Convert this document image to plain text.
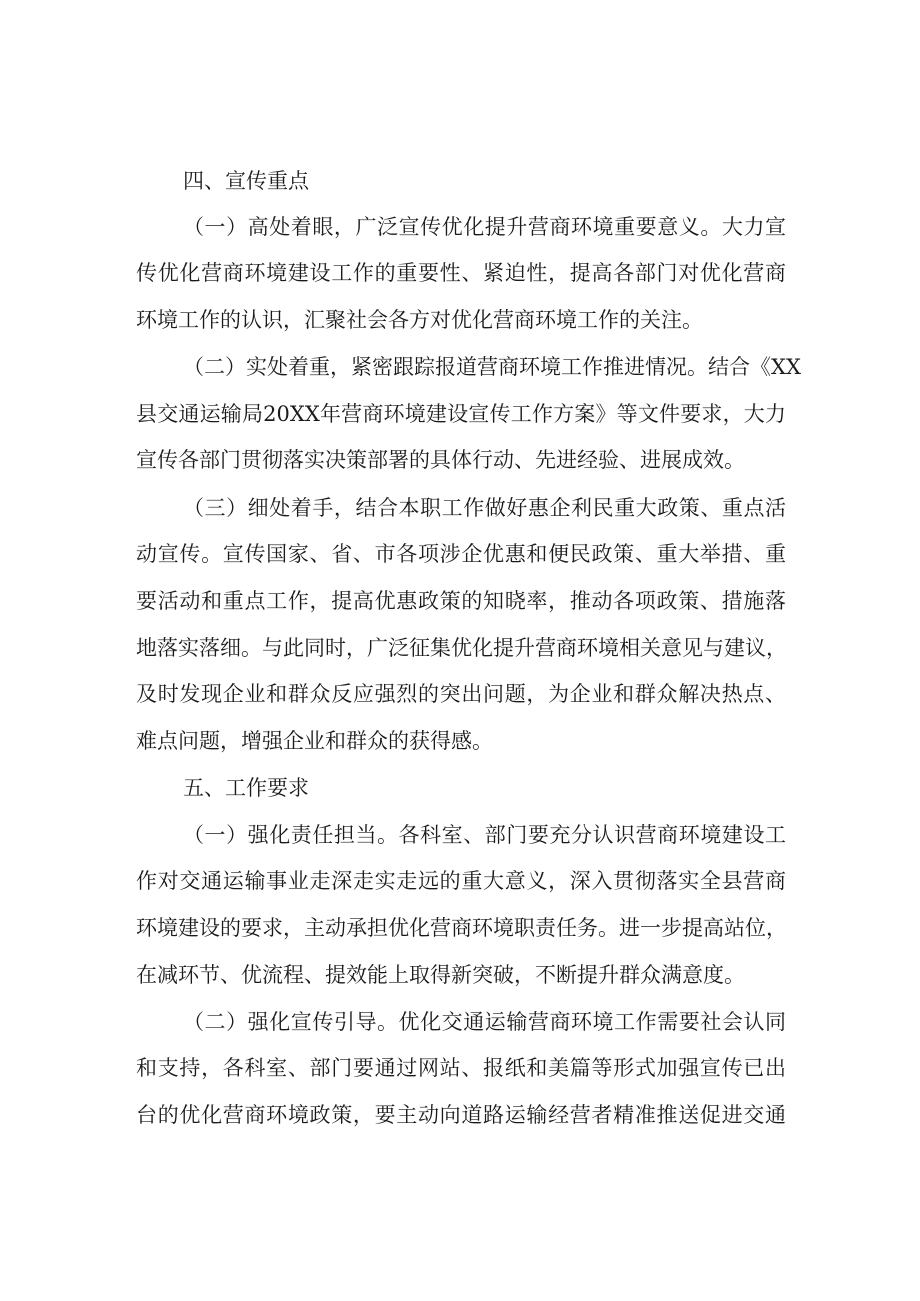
四、宣传重点
（一）高处着眼，广泛宣传优化提升营商环境重要意义。大力宣
传优化营商环境建设工作的重要性、紧迫性，提高各部门对优化营商
环境工作的认识，汇聚社会各方对优化营商环境工作的关注。
（二）实处着重，紧密跟踪报道营商环境工作推进情况。结合《XX
县交通运输局20XX年营商环境建设宣传工作方案》等文件要求，大力
宣传各部门贯彻落实决策部署的具体行动、先进经验、进展成效。
（三）细处着手，结合本职工作做好惠企利民重大政策、重点活
动宣传。宣传国家、省、市各项涉企优惠和便民政策、重大举措、重
要活动和重点工作，提高优惠政策的知晓率，推动各项政策、措施落
地落实落细。与此同时，广泛征集优化提升营商环境相关意见与建议，
及时发现企业和群众反应强烈的突出问题，为企业和群众解决热点、
难点问题，增强企业和群众的获得感。
五、工作要求
（一）强化责任担当。各科室、部门要充分认识营商环境建设工
作对交通运输事业走深走实走远的重大意义，深入贯彻落实全县营商
环境建设的要求，主动承担优化营商环境职责任务。进一步提高站位，
在减环节、优流程、提效能上取得新突破，不断提升群众满意度。
（二）强化宣传引导。优化交通运输营商环境工作需要社会认同
和支持，各科室、部门要通过网站、报纸和美篇等形式加强宣传已出
台的优化营商环境政策，要主动向道路运输经营者精准推送促进交通
